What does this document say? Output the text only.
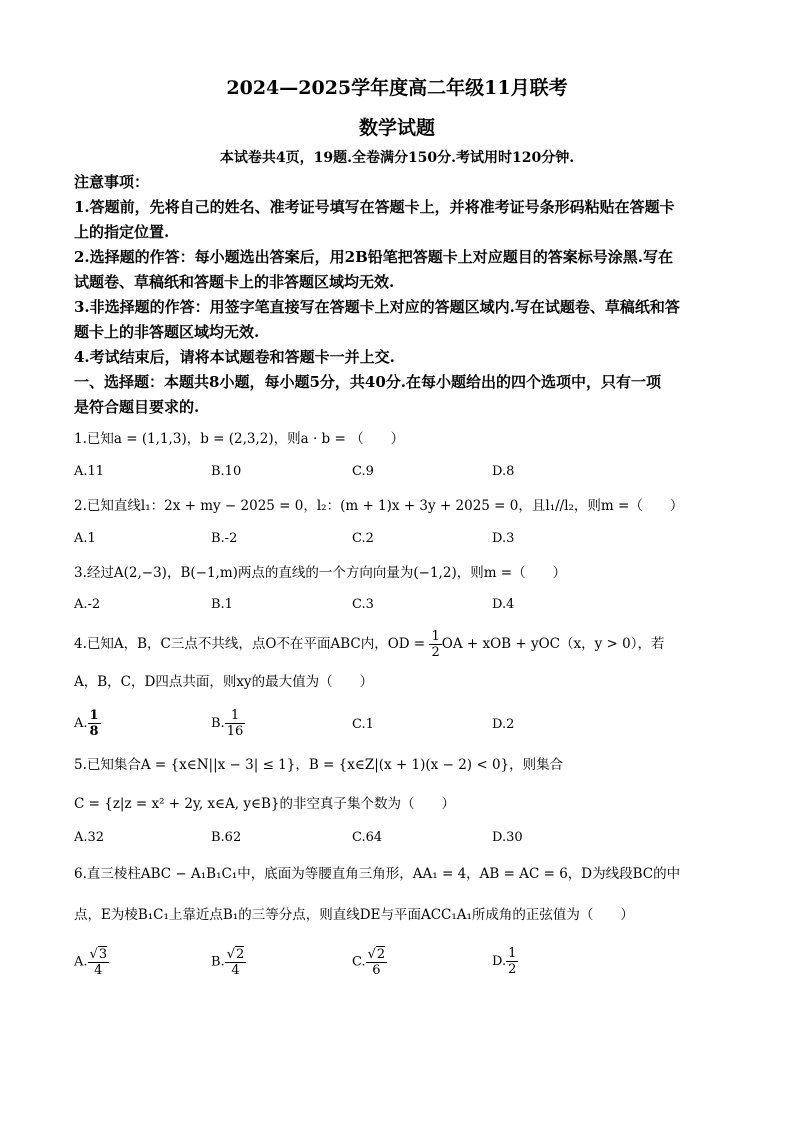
2024—2025学年度高二年级11月联考
数学试题
本试卷共4页，19题.全卷满分150分.考试用时120分钟.
注意事项：
1.答题前，先将自己的姓名、准考证号填写在答题卡上，并将准考证号条形码粘贴在答题卡
上的指定位置.
2.选择题的作答：每小题选出答案后，用2B铅笔把答题卡上对应题目的答案标号涂黑.写在
试题卷、草稿纸和答题卡上的非答题区域均无效.
3.非选择题的作答：用签字笔直接写在答题卡上对应的答题区域内.写在试题卷、草稿纸和答
题卡上的非答题区域均无效.
4.考试结束后，请将本试题卷和答题卡一并上交.
一、选择题：本题共8小题，每小题5分，共40分.在每小题给出的四个选项中，只有一项
是符合题目要求的.
1.已知a = (1,1,3)，b = (2,3,2)，则a · b = （　　）
A.11	B.10	C.9	D.8
2.已知直线l₁：2x + my − 2025 = 0，l₂：(m + 1)x + 3y + 2025 = 0，且l₁//l₂，则m =（　　）
A.1	B.-2	C.2	D.3
3.经过A(2,−3)，B(−1,m)两点的直线的一个方向向量为(−1,2)，则m =（　　）
A.-2	B.1	C.3	D.4
4.已知A，B，C三点不共线，点O不在平面ABC内，OD = $\frac{1}{2}$ OA + xOB + yOC（x，y > 0），若
A，B，C，D四点共面，则xy的最大值为（　　）
A. $\frac{1}{8}$	B. $\frac{1}{16}$	C.1	D.2
5.已知集合A = {x∈N||x − 3| ≤ 1}，B = {x∈Z|(x + 1)(x − 2) < 0}，则集合
C = {z|z = x² + 2y, x∈A, y∈B}的非空真子集个数为（　　）
A.32	B.62	C.64	D.30
6.直三棱柱ABC − A₁B₁C₁中，底面为等腰直角三角形，AA₁ = 4，AB = AC = 6，D为线段BC的中
点，E为棱B₁C₁上靠近点B₁的三等分点，则直线DE与平面ACC₁A₁所成角的正弦值为（　　）
A. $\frac{√3}{4}$	B. $\frac{√2}{4}$	C. $\frac{√2}{6}$	D. $\frac{1}{2}$
